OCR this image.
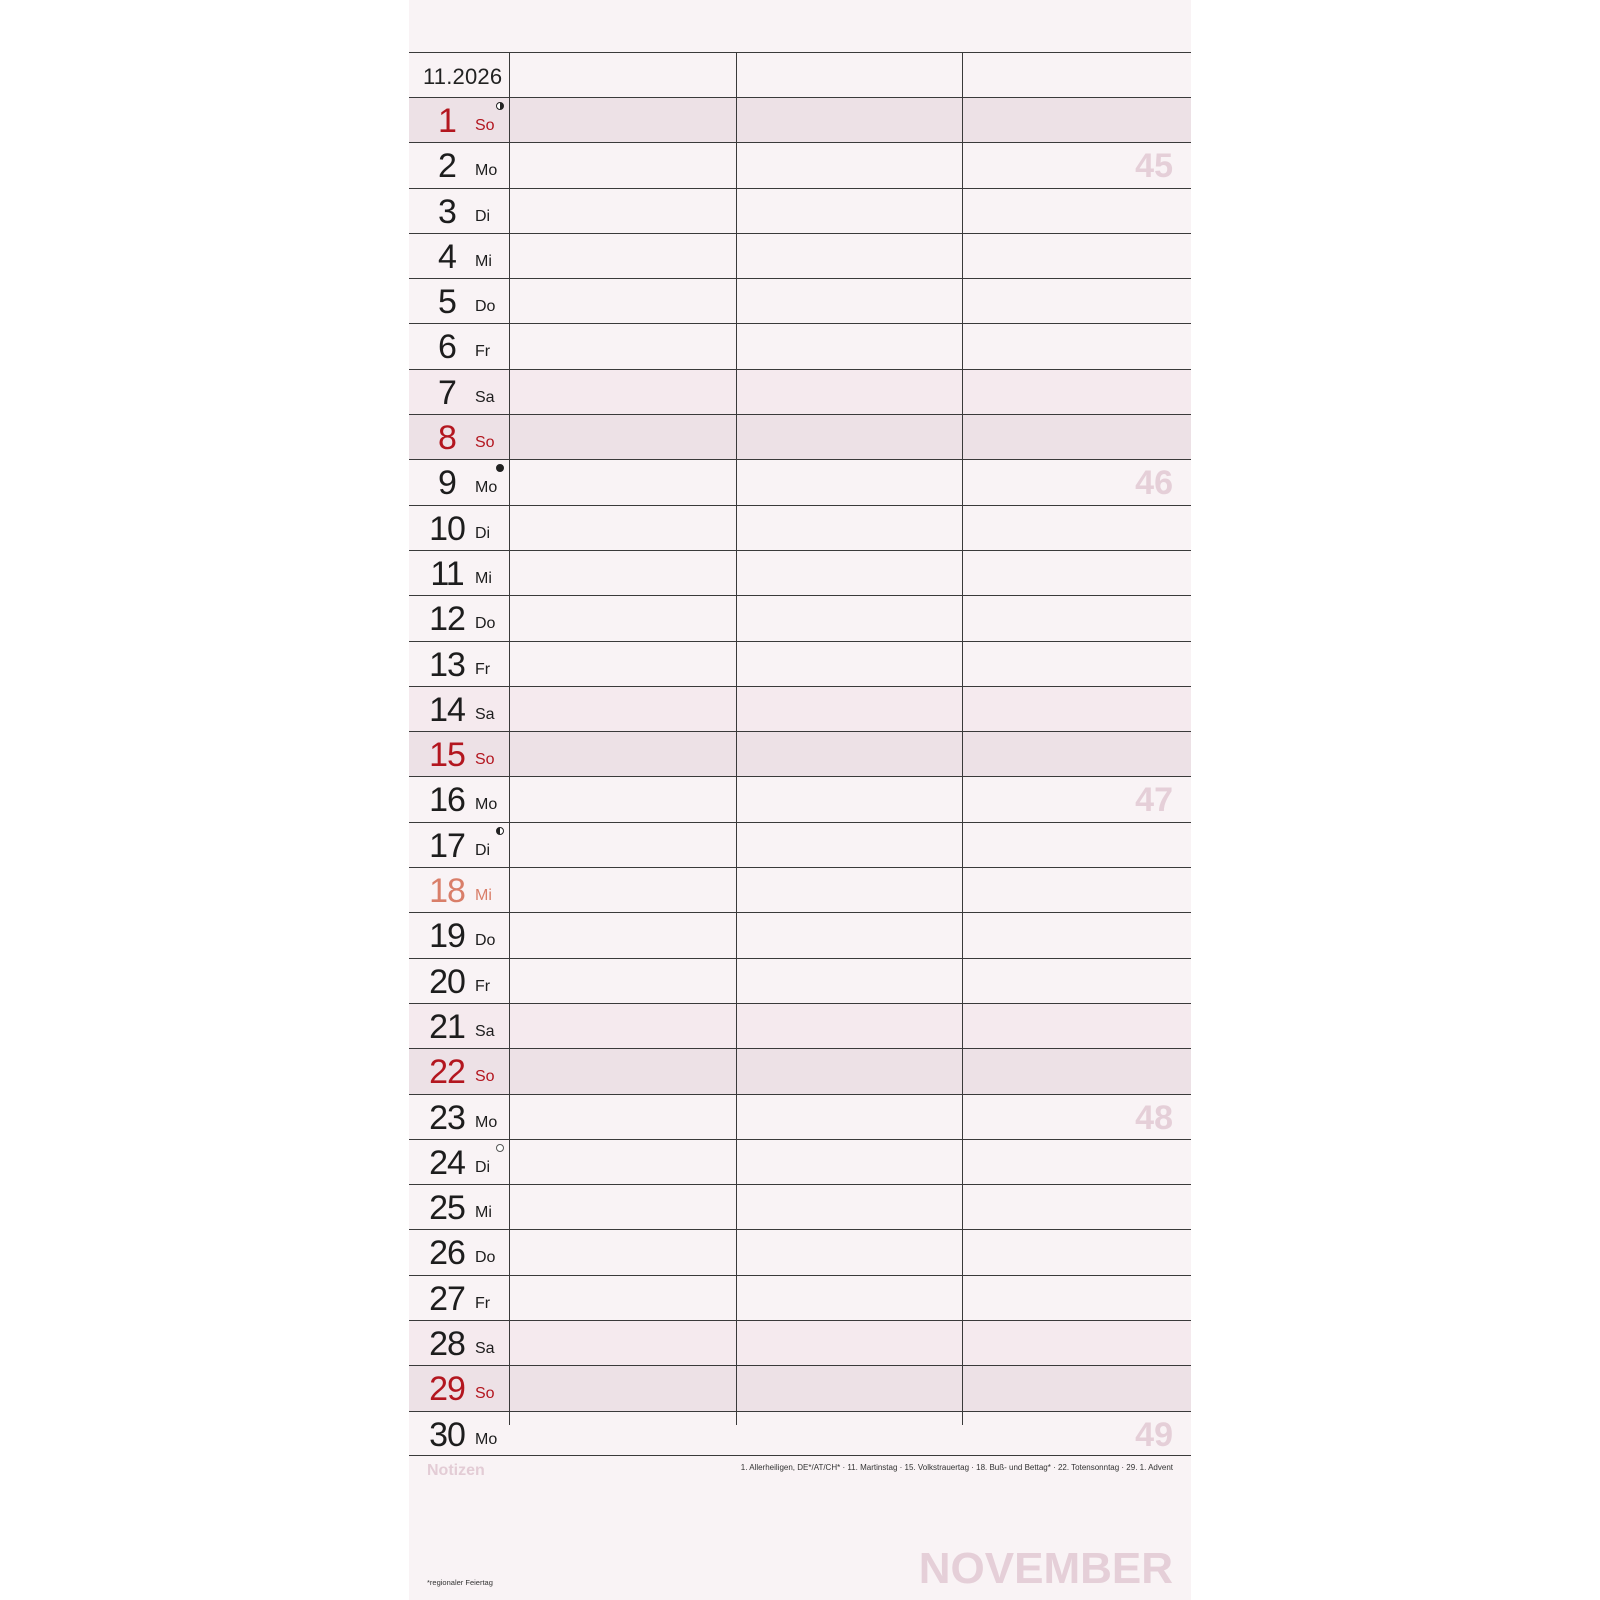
11.2026
1	So
2	Mo	45
3	Di
4	Mi
5	Do
6	Fr
7	Sa
8	So
9	Mo	46
10 Di
11 Mi
12 Do
13 Fr
14 Sa
15 So
16 Mo	47
17 Di
18 Mi
19 Do
20 Fr
21 Sa
22 So
23 Mo	48
24 Di
25 Mi
26 Do
27 Fr
28 Sa
29 So
30 Mo	49
Notizen	1. Allerheiligen, DE*/AT/CH* · 11. Martinstag · 15. Volkstrauertag · 18. Buß- und Bettag* · 22. Totensonntag · 29. 1. Advent
*regionaler Feiertag	NOVEMBER
